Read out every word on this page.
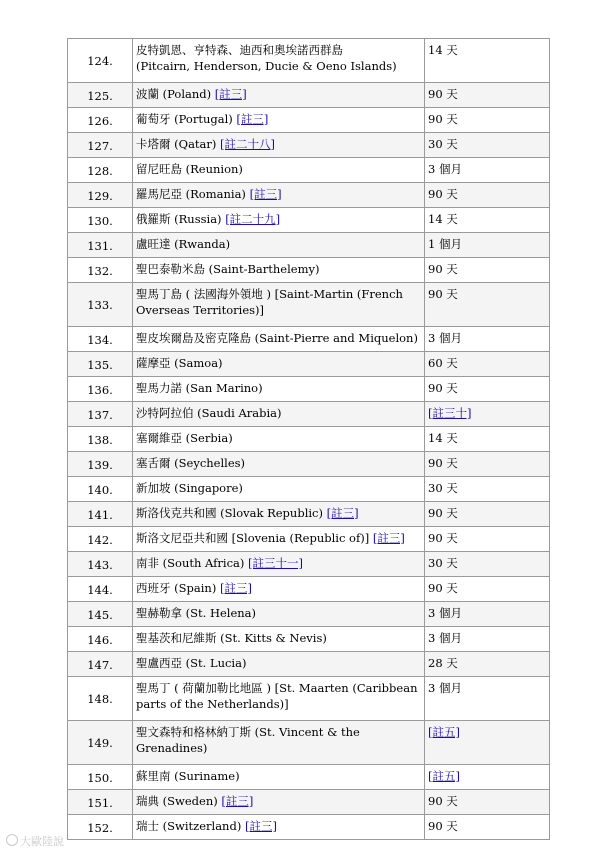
124.	皮特凱恩、亨特森、迪西和奧埃諾西群島
(Pitcairn, Henderson, Ducie & Oeno Islands)	14 天
125.	波蘭 (Poland) [註三]	90 天
126.	葡萄牙 (Portugal) [註三]	90 天
127.	卡塔爾 (Qatar) [註二十八]	30 天
128.	留尼旺島 (Reunion)	3 個月
129.	羅馬尼亞 (Romania) [註三]	90 天
130.	俄羅斯 (Russia) [註二十九]	14 天
131.	盧旺達 (Rwanda)	1 個月
132.	聖巴泰勒米島 (Saint-Barthelemy)	90 天
133.	聖馬丁島 ( 法國海外領地 ) [Saint-Martin (French
Overseas Territories)]	90 天
134.	聖皮埃爾島及密克隆島 (Saint-Pierre and Miquelon)	3 個月
135.	薩摩亞 (Samoa)	60 天
136.	聖馬力諾 (San Marino)	90 天
137.	沙特阿拉伯 (Saudi Arabia)	[註三十]
138.	塞爾維亞 (Serbia)	14 天
139.	塞舌爾 (Seychelles)	90 天
140.	新加坡 (Singapore)	30 天
141.	斯洛伐克共和國 (Slovak Republic) [註三]	90 天
142.	斯洛文尼亞共和國 [Slovenia (Republic of)] [註三]	90 天
143.	南非 (South Africa) [註三十一]	30 天
144.	西班牙 (Spain) [註三]	90 天
145.	聖赫勒拿 (St. Helena)	3 個月
146.	聖基茨和尼維斯 (St. Kitts & Nevis)	3 個月
147.	聖盧西亞 (St. Lucia)	28 天
148.	聖馬丁 ( 荷蘭加勒比地區 ) [St. Maarten (Caribbean
parts of the Netherlands)]	3 個月
149.	聖文森特和格林納丁斯 (St. Vincent & the
Grenadines)	[註五]
150.	蘇里南 (Suriname)	[註五]
151.	瑞典 (Sweden) [註三]	90 天
152.	瑞士 (Switzerland) [註三]	90 天
大歐陸說
